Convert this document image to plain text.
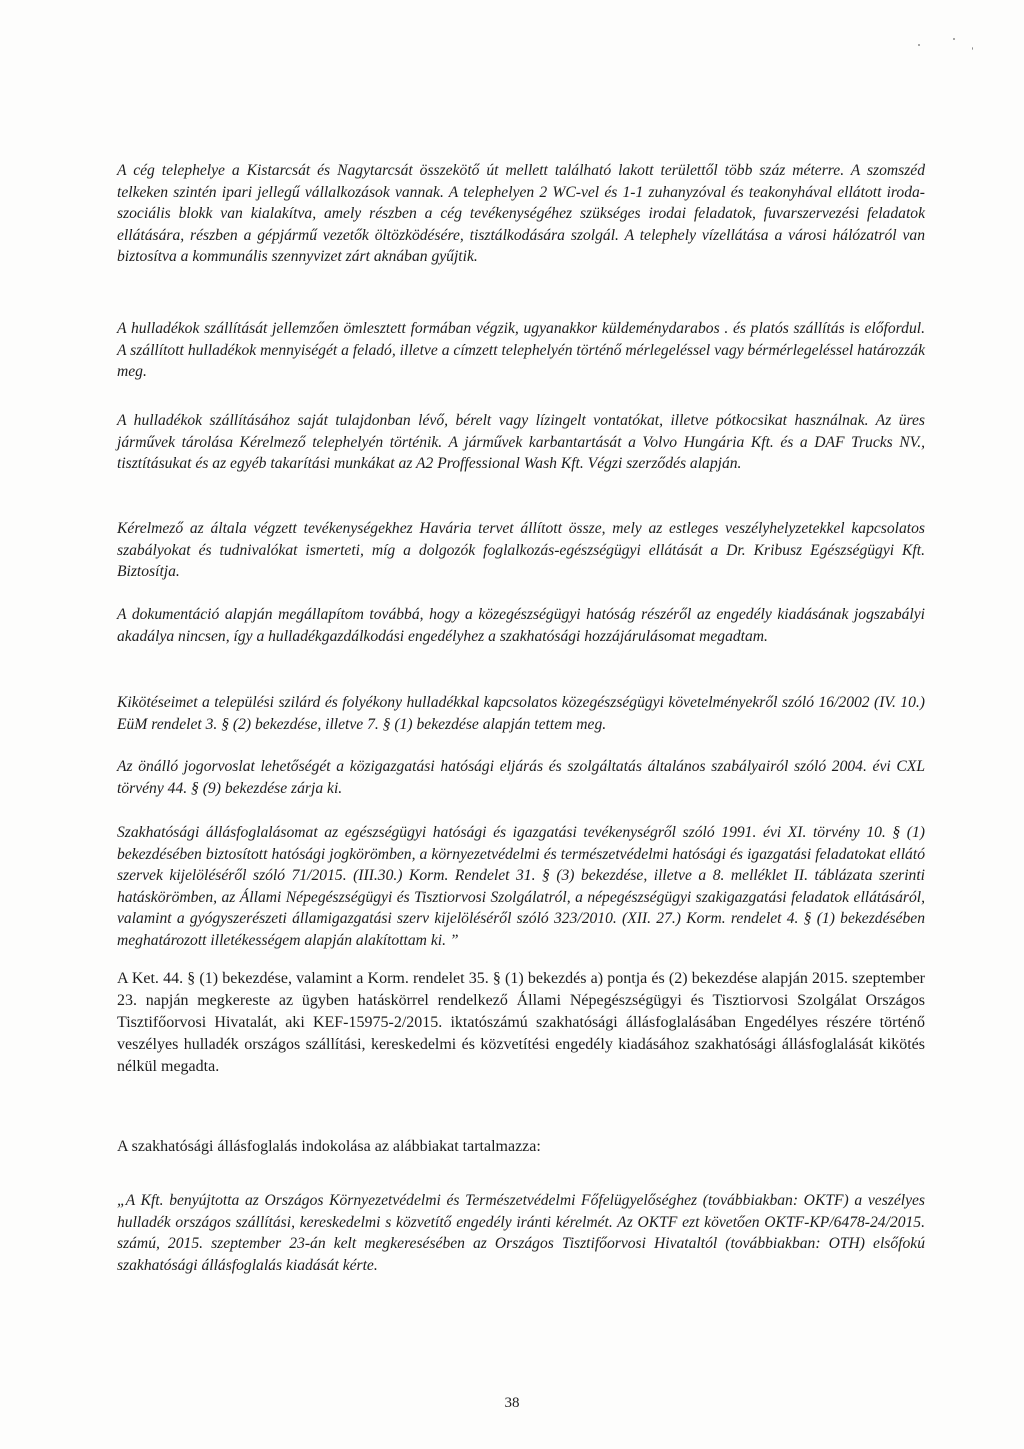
A cég telephelye a Kistarcsát és Nagytarcsát összekötő út mellett található lakott területtől több száz méterre. A szomszéd telkeken szintén ipari jellegű vállalkozások vannak. A telephelyen 2 WC-vel és 1-1 zuhanyzóval és teakonyhával ellátott iroda-szociális blokk van kialakítva, amely részben a cég tevékenységéhez szükséges irodai feladatok, fuvarszervezési feladatok ellátására, részben a gépjármű vezetők öltözködésére, tisztálkodására szolgál. A telephely vízellátása a városi hálózatról van biztosítva a kommunális szennyvizet zárt aknában gyűjtik.

A hulladékok szállítását jellemzően ömlesztett formában végzik, ugyanakkor küldeménydarabos . és platós szállítás is előfordul. A szállított hulladékok mennyiségét a feladó, illetve a címzett telephelyén történő mérlegeléssel vagy bérmérlegeléssel határozzák meg.

A hulladékok szállításához saját tulajdonban lévő, bérelt vagy lízingelt vontatókat, illetve pótkocsikat használnak. Az üres járművek tárolása Kérelmező telephelyén történik. A járművek karbantartását a Volvo Hungária Kft. és a DAF Trucks NV., tisztításukat és az egyéb takarítási munkákat az A2 Proffessional Wash Kft. Végzi szerződés alapján.

Kérelmező az általa végzett tevékenységekhez Havária tervet állított össze, mely az estleges veszélyhelyzetekkel kapcsolatos szabályokat és tudnivalókat ismerteti, míg a dolgozók foglalkozás-egészségügyi ellátását a Dr. Kribusz Egészségügyi Kft. Biztosítja.

A dokumentáció alapján megállapítom továbbá, hogy a közegészségügyi hatóság részéről az engedély kiadásának jogszabályi akadálya nincsen, így a hulladékgazdálkodási engedélyhez a szakhatósági hozzájárulásomat megadtam.

Kikötéseimet a települési szilárd és folyékony hulladékkal kapcsolatos közegészségügyi követelményekről szóló 16/2002 (IV. 10.) EüM rendelet 3. § (2) bekezdése, illetve 7. § (1) bekezdése alapján tettem meg.

Az önálló jogorvoslat lehetőségét a közigazgatási hatósági eljárás és szolgáltatás általános szabályairól szóló 2004. évi CXL törvény 44. § (9) bekezdése zárja ki.

Szakhatósági állásfoglalásomat az egészségügyi hatósági és igazgatási tevékenységről szóló 1991. évi XI. törvény 10. § (1) bekezdésében biztosított hatósági jogkörömben, a környezetvédelmi és természetvédelmi hatósági és igazgatási feladatokat ellátó szervek kijelöléséről szóló 71/2015. (III.30.) Korm. Rendelet 31. § (3) bekezdése, illetve a 8. melléklet II. táblázata szerinti hatáskörömben, az Állami Népegészségügyi és Tisztiorvosi Szolgálatról, a népegészségügyi szakigazgatási feladatok ellátásáról, valamint a gyógyszerészeti államigazgatási szerv kijelöléséről szóló 323/2010. (XII. 27.) Korm. rendelet 4. § (1) bekezdésében meghatározott illetékességem alapján alakítottam ki. ”

A Ket. 44. § (1) bekezdése, valamint a Korm. rendelet 35. § (1) bekezdés a) pontja és (2) bekezdése alapján 2015. szeptember 23. napján megkereste az ügyben hatáskörrel rendelkező Állami Népegészségügyi és Tisztiorvosi Szolgálat Országos Tisztifőorvosi Hivatalát, aki KEF-15975-2/2015. iktatószámú szakhatósági állásfoglalásában Engedélyes részére történő veszélyes hulladék országos szállítási, kereskedelmi és közvetítési engedély kiadásához szakhatósági állásfoglalását kikötés nélkül megadta.

A szakhatósági állásfoglalás indokolása az alábbiakat tartalmazza:

„A Kft. benyújtotta az Országos Környezetvédelmi és Természetvédelmi Főfelügyelőséghez (továbbiakban: OKTF) a veszélyes hulladék országos szállítási, kereskedelmi s közvetítő engedély iránti kérelmét. Az OKTF ezt követően OKTF-KP/6478-24/2015. számú, 2015. szeptember 23-án kelt megkeresésében az Országos Tisztifőorvosi Hivataltól (továbbiakban: OTH) elsőfokú szakhatósági állásfoglalás kiadását kérte.

38
